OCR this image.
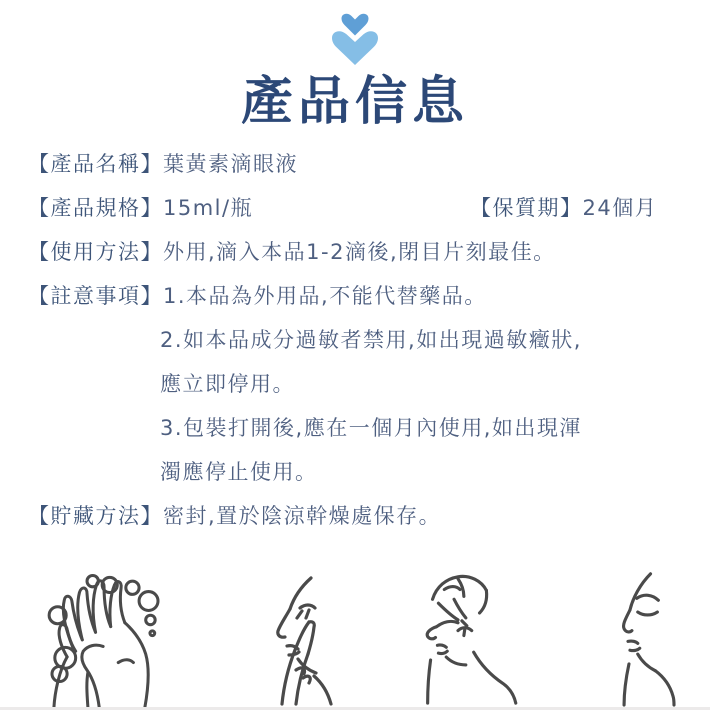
產品信息
【產品名稱】葉黃素滴眼液
【產品規格】15ml/瓶	【保質期】24個月
【使用方法】外用,滴入本品1-2滴後,閉目片刻最佳。
【註意事項】1.本品為外用品,不能代替藥品。
2.如本品成分過敏者禁用,如出現過敏癥狀,
應立即停用。
3.包裝打開後,應在一個月內使用,如出現渾
濁應停止使用。
【貯藏方法】密封,置於陰涼幹燥處保存。
